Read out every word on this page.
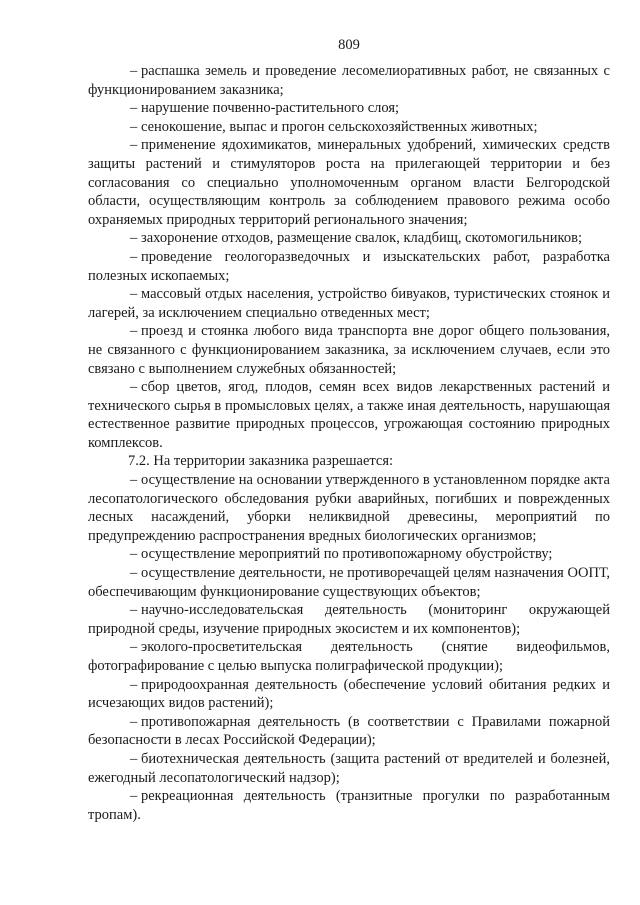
809

– распашка земель и проведение лесомелиоративных работ, не связанных с функционированием заказника;

– нарушение почвенно-растительного слоя;

– сенокошение, выпас и прогон сельскохозяйственных животных;

– применение ядохимикатов, минеральных удобрений, химических средств защиты растений и стимуляторов роста на прилегающей территории и без согласования со специально уполномоченным органом власти Белгородской области, осуществляющим контроль за соблюдением правового режима особо охраняемых природных территорий регионального значения;

– захоронение отходов, размещение свалок, кладбищ, скотомогильников;

– проведение геологоразведочных и изыскательских работ, разработка полезных ископаемых;

– массовый отдых населения, устройство бивуаков, туристических стоянок и лагерей, за исключением специально отведенных мест;

– проезд и стоянка любого вида транспорта вне дорог общего пользования, не связанного с функционированием заказника, за исключением случаев, если это связано с выполнением служебных обязанностей;

– сбор цветов, ягод, плодов, семян всех видов лекарственных растений и технического сырья в промысловых целях, а также иная деятельность, нарушающая естественное развитие природных процессов, угрожающая состоянию природных комплексов.

7.2. На территории заказника разрешается:

– осуществление на основании утвержденного в установленном порядке акта лесопатологического обследования рубки аварийных, погибших и поврежденных лесных насаждений, уборки неликвидной древесины, мероприятий по предупреждению распространения вредных биологических организмов;

– осуществление мероприятий по противопожарному обустройству;

– осуществление деятельности, не противоречащей целям назначения ООПТ, обеспечивающим функционирование существующих объектов;

– научно-иcследовательская деятельность (мониторинг окружающей природной среды, изучение природных экосистем и их компонентов);

– эколого-просветительская деятельность (снятие видеофильмов, фотографирование с целью выпуска полиграфической продукции);

– природоохранная деятельность (обеспечение условий обитания редких и исчезающих видов растений);

– противопожарная деятельность (в соответствии с Правилами пожарной безопасности в лесах Российской Федерации);

– биотехническая деятельность (защита растений от вредителей и болезней, ежегодный лесопатологический надзор);

– рекреационная деятельность (транзитные прогулки по разработанным тропам).
